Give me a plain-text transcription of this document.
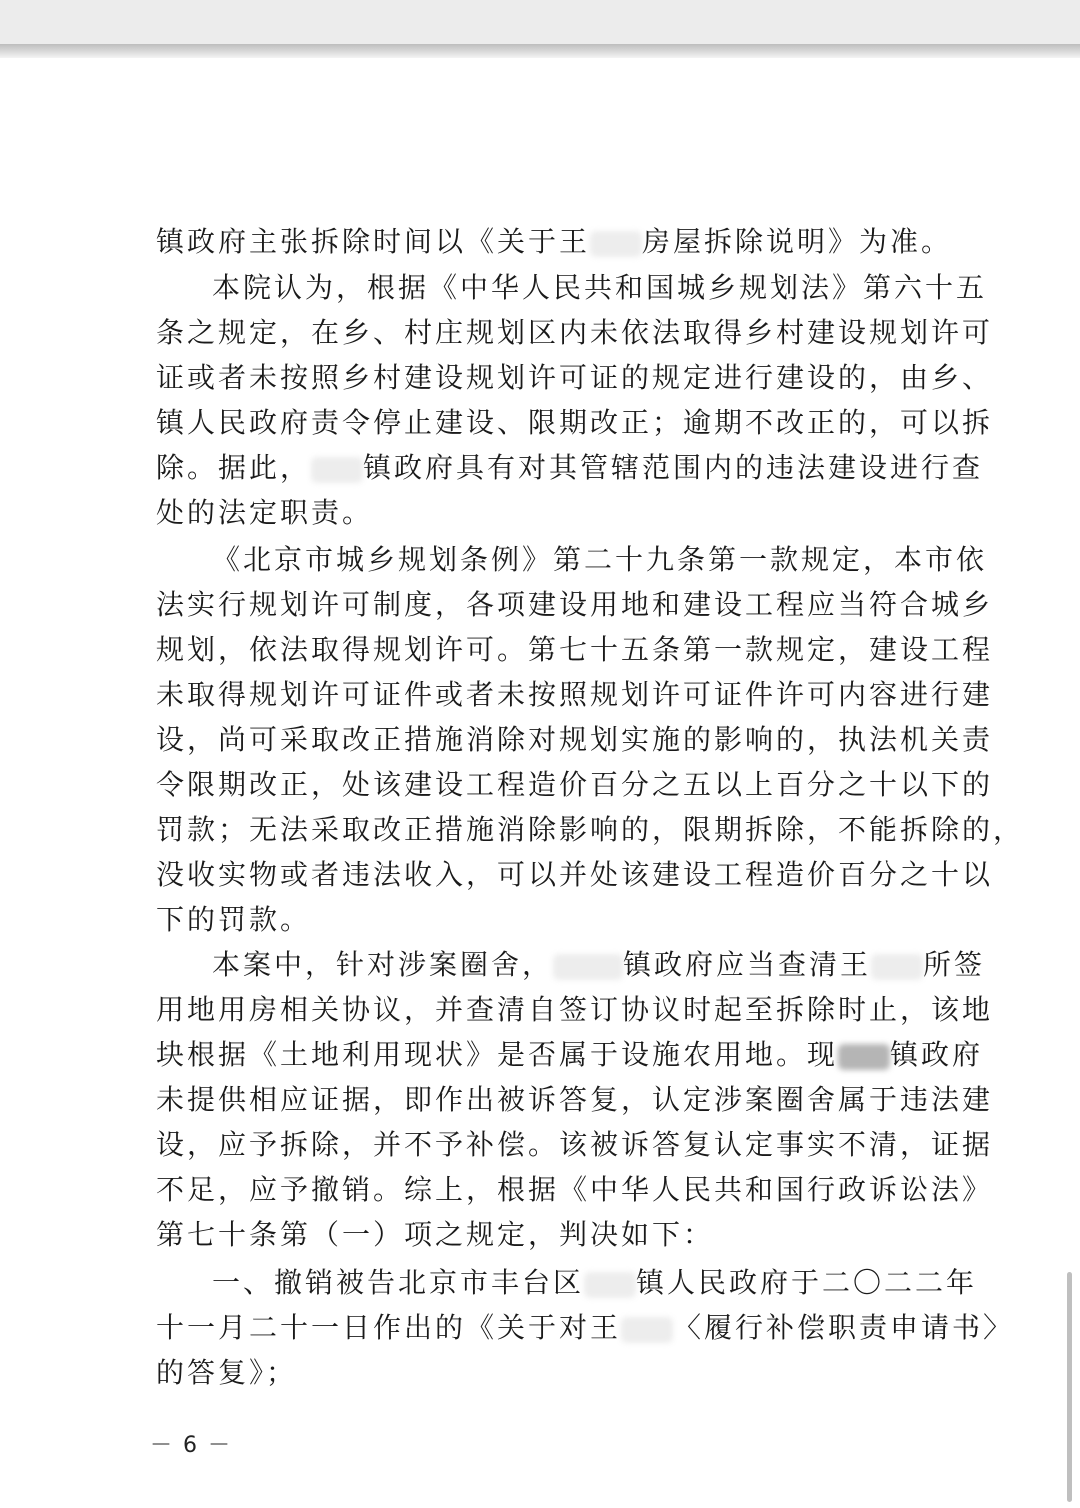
镇政府主张拆除时间以《关于王 房屋拆除说明》为准。
本院认为，根据《中华人民共和国城乡规划法》第六十五
条之规定，在乡、村庄规划区内未依法取得乡村建设规划许可
证或者未按照乡村建设规划许可证的规定进行建设的，由乡、
镇人民政府责令停止建设、限期改正；逾期不改正的，可以拆
除。据此， 镇政府具有对其管辖范围内的违法建设进行查
处的法定职责。
《北京市城乡规划条例》第二十九条第一款规定，本市依
法实行规划许可制度，各项建设用地和建设工程应当符合城乡
规划，依法取得规划许可。第七十五条第一款规定，建设工程
未取得规划许可证件或者未按照规划许可证件许可内容进行建
设，尚可采取改正措施消除对规划实施的影响的，执法机关责
令限期改正，处该建设工程造价百分之五以上百分之十以下的
罚款；无法采取改正措施消除影响的，限期拆除，不能拆除的，
没收实物或者违法收入，可以并处该建设工程造价百分之十以
下的罚款。
本案中，针对涉案圈舍，	镇政府应当查清王 所签
用地用房相关协议，并查清自签订协议时起至拆除时止，该地
块根据《土地利用现状》是否属于设施农用地。现 镇政府
未提供相应证据，即作出被诉答复，认定涉案圈舍属于违法建
设，应予拆除，并不予补偿。该被诉答复认定事实不清，证据
不足，应予撤销。综上，根据《中华人民共和国行政诉讼法》
第七十条第（一）项之规定，判决如下：
一、撤销被告北京市丰台区 镇人民政府于二〇二二年
十一月二十一日作出的《关于对王 〈履行补偿职责申请书〉
的答复》；
－ 6 －
